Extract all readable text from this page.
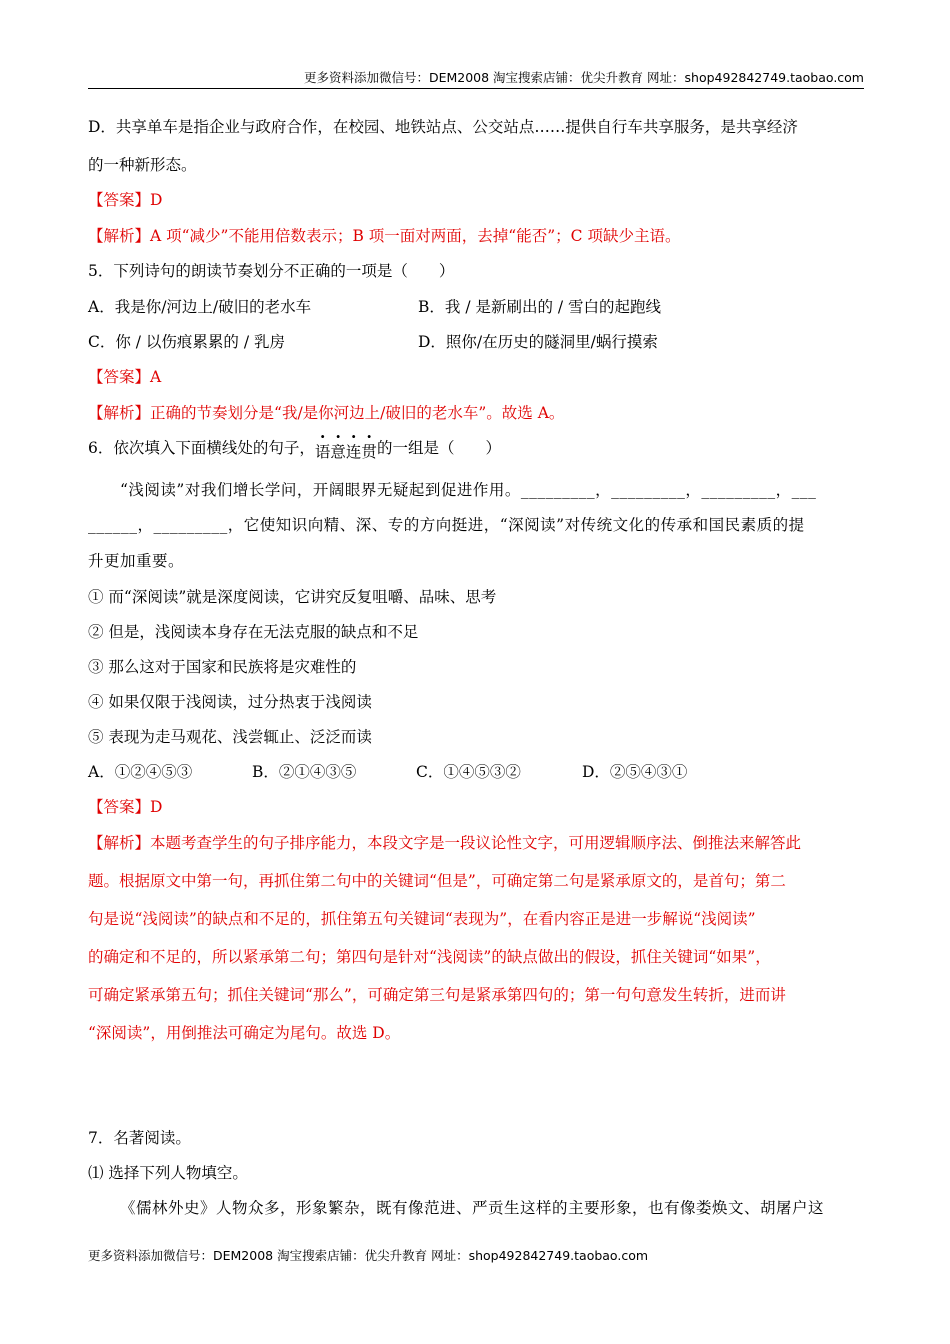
更多资料添加微信号：DEM2008 淘宝搜索店铺：优尖升教育 网址：shop492842749.taobao.com
D．共享单车是指企业与政府合作，在校园、地铁站点、公交站点……提供自行车共享服务，是共享经济
的一种新形态。
【答案】D
【解析】A 项“减少”不能用倍数表示；B 项一面对两面，去掉“能否”；C 项缺少主语。
5．下列诗句的朗读节奏划分不正确的一项是（　　）
A．我是你/河边上/破旧的老水车	B．我 / 是新刷出的 / 雪白的起跑线
C．你 / 以伤痕累累的 / 乳房	D．照你/在历史的隧洞里/蜗行摸索
【答案】A
【解析】正确的节奏划分是“我/是你河边上/破旧的老水车”。故选 A。
6．依次填入下面横线处的句子，语意连贯的一组是（　　）
“浅阅读”对我们增长学问，开阔眼界无疑起到促进作用。_________，_________，_________，___
______，_________，它使知识向精、深、专的方向挺进，“深阅读”对传统文化的传承和国民素质的提
升更加重要。
① 而“深阅读”就是深度阅读，它讲究反复咀嚼、品味、思考
② 但是，浅阅读本身存在无法克服的缺点和不足
③ 那么这对于国家和民族将是灾难性的
④ 如果仅限于浅阅读，过分热衷于浅阅读
⑤ 表现为走马观花、浅尝辄止、泛泛而读
A．①②④⑤③	B．②①④③⑤	C．①④⑤③②	D．②⑤④③①
【答案】D
【解析】本题考查学生的句子排序能力，本段文字是一段议论性文字，可用逻辑顺序法、倒推法来解答此
题。根据原文中第一句，再抓住第二句中的关键词“但是”，可确定第二句是紧承原文的，是首句；第二
句是说“浅阅读”的缺点和不足的，抓住第五句关键词“表现为”，在看内容正是进一步解说“浅阅读”
的确定和不足的，所以紧承第二句；第四句是针对“浅阅读”的缺点做出的假设，抓住关键词“如果”，
可确定紧承第五句；抓住关键词“那么”，可确定第三句是紧承第四句的；第一句句意发生转折，进而讲
“深阅读”，用倒推法可确定为尾句。故选 D。
7．名著阅读。
⑴ 选择下列人物填空。
《儒林外史》人物众多，形象繁杂，既有像范进、严贡生这样的主要形象，也有像娄焕文、胡屠户这
更多资料添加微信号：DEM2008 淘宝搜索店铺：优尖升教育 网址：shop492842749.taobao.com
